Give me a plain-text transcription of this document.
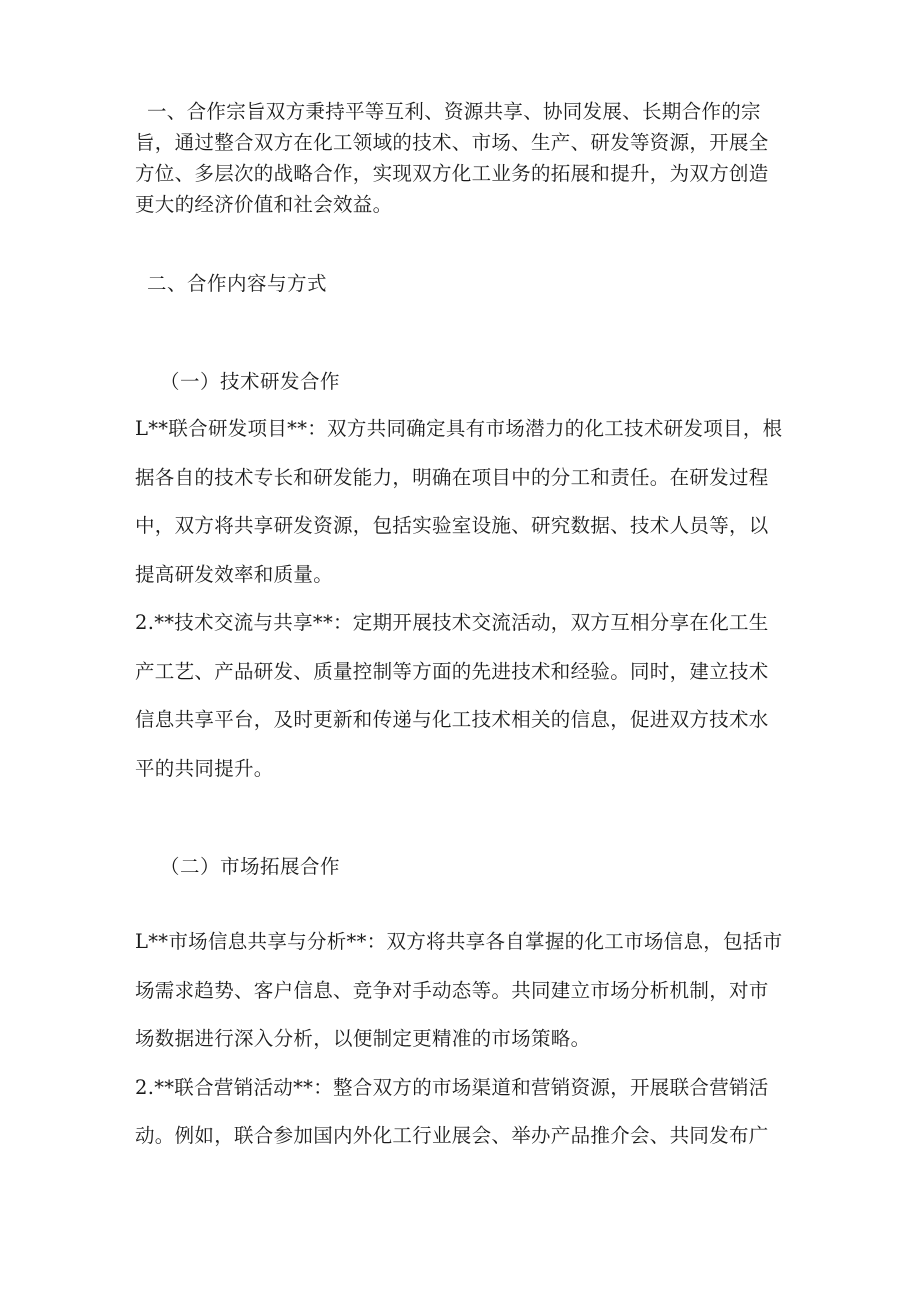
一、合作宗旨双方秉持平等互利、资源共享、协同发展、长期合作的宗旨，通过整合双方在化工领域的技术、市场、生产、研发等资源，开展全方位、多层次的战略合作，实现双方化工业务的拓展和提升，为双方创造更大的经济价值和社会效益。

二、合作内容与方式
（一）技术研发合作

L**联合研发项目**：双方共同确定具有市场潜力的化工技术研发项目，根据各自的技术专长和研发能力，明确在项目中的分工和责任。在研发过程中，双方将共享研发资源，包括实验室设施、研究数据、技术人员等，以提高研发效率和质量。

2.**技术交流与共享**：定期开展技术交流活动，双方互相分享在化工生产工艺、产品研发、质量控制等方面的先进技术和经验。同时，建立技术信息共享平台，及时更新和传递与化工技术相关的信息，促进双方技术水平的共同提升。

（二）市场拓展合作

L**市场信息共享与分析**：双方将共享各自掌握的化工市场信息，包括市场需求趋势、客户信息、竞争对手动态等。共同建立市场分析机制，对市场数据进行深入分析，以便制定更精准的市场策略。

2.**联合营销活动**：整合双方的市场渠道和营销资源，开展联合营销活动。例如，联合参加国内外化工行业展会、举办产品推介会、共同发布广
